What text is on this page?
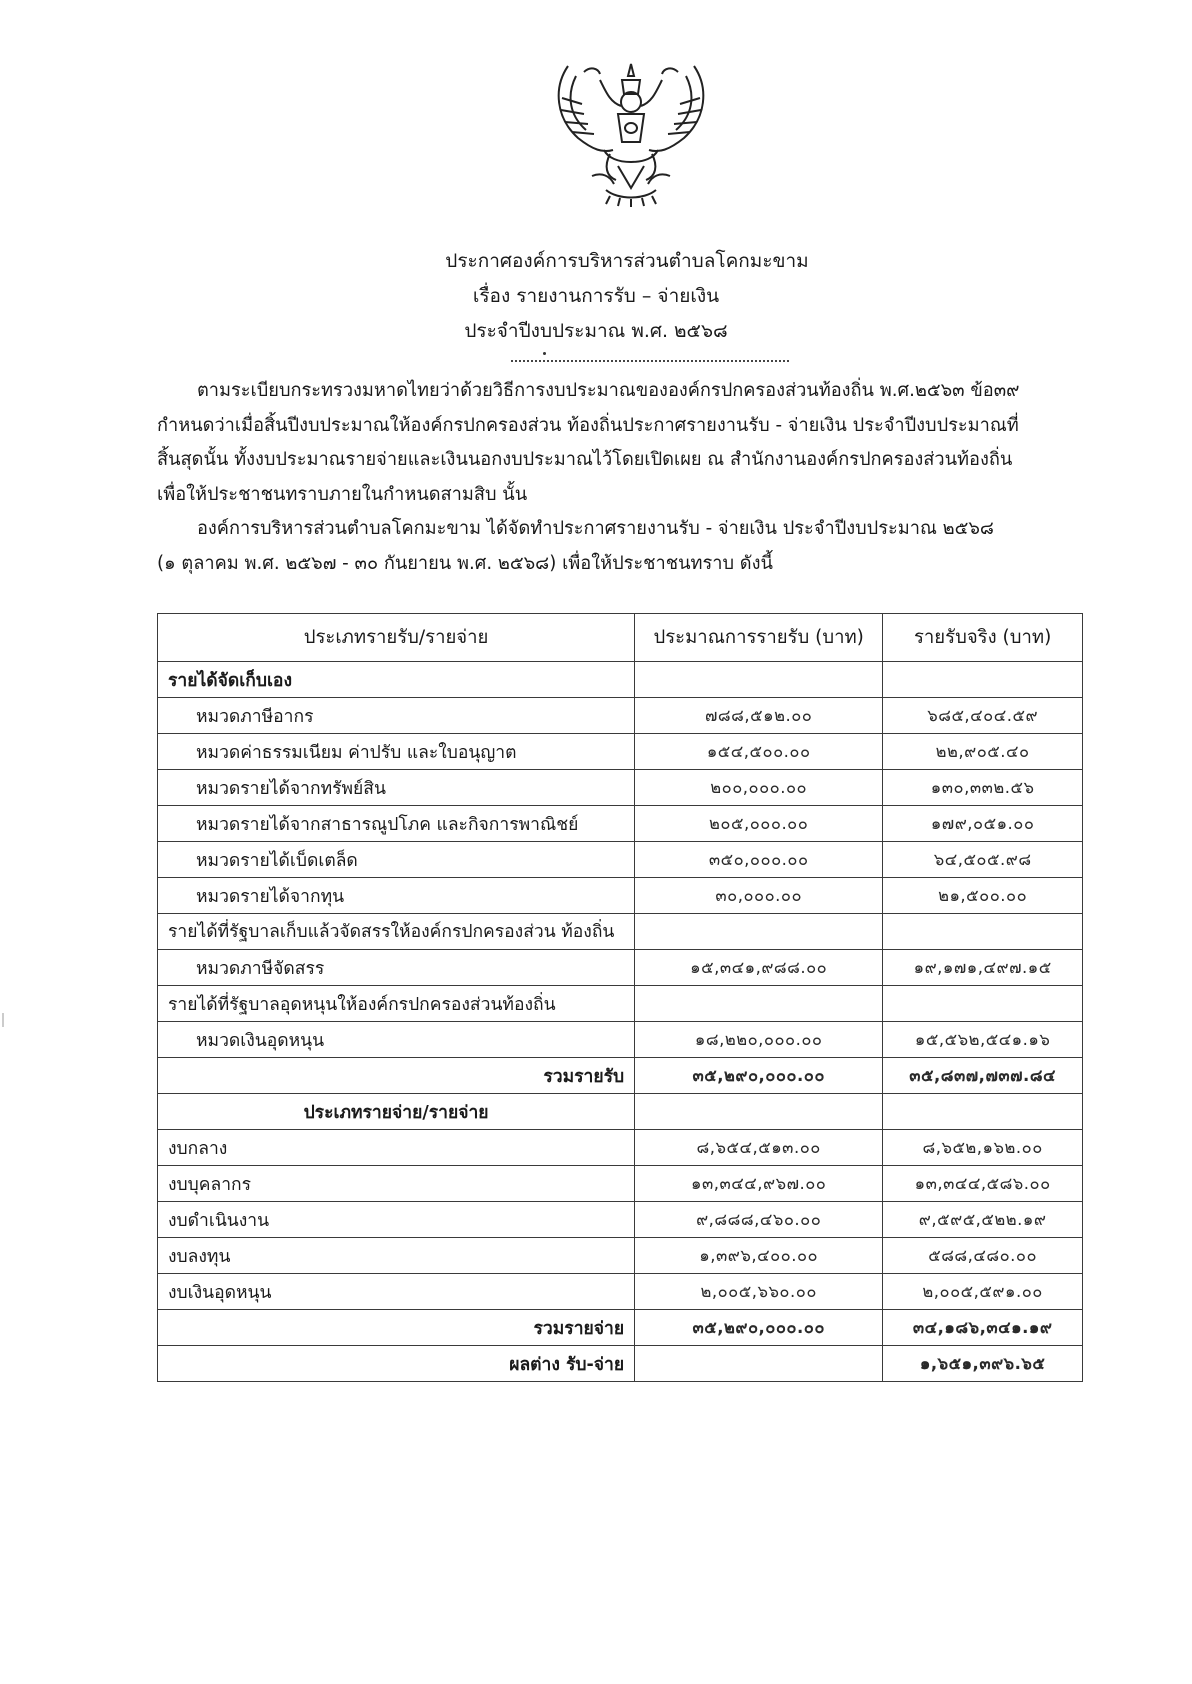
ประกาศองค์การบริหารส่วนตำบลโคกมะขาม
เรื่อง รายงานการรับ – จ่ายเงิน
ประจำปีงบประมาณ พ.ศ. ๒๕๖๘
ตามระเบียบกระทรวงมหาดไทยว่าด้วยวิธีการงบประมาณขององค์กรปกครองส่วนท้องถิ่น พ.ศ.๒๕๖๓ ข้อ๓๙
กำหนดว่าเมื่อสิ้นปีงบประมาณให้องค์กรปกครองส่วน ท้องถิ่นประกาศรายงานรับ - จ่ายเงิน ประจำปีงบประมาณที่
สิ้นสุดนั้น ทั้งงบประมาณรายจ่ายและเงินนอกงบประมาณไว้โดยเปิดเผย ณ สำนักงานองค์กรปกครองส่วนท้องถิ่น
เพื่อให้ประชาชนทราบภายในกำหนดสามสิบ นั้น
องค์การบริหารส่วนตำบลโคกมะขาม ได้จัดทำประกาศรายงานรับ - จ่ายเงิน ประจำปีงบประมาณ ๒๕๖๘
(๑ ตุลาคม พ.ศ. ๒๕๖๗ - ๓๐ กันยายน พ.ศ. ๒๕๖๘) เพื่อให้ประชาชนทราบ ดังนี้
ประเภทรายรับ/รายจ่าย	ประมาณการรายรับ (บาท)	รายรับจริง (บาท)
รายได้จัดเก็บเอง		
หมวดภาษีอากร	๗๘๘,๕๑๒.๐๐	๖๘๕,๔๐๔.๕๙
หมวดค่าธรรมเนียม ค่าปรับ และใบอนุญาต	๑๕๔,๕๐๐.๐๐	๒๒,๙๐๕.๔๐
หมวดรายได้จากทรัพย์สิน	๒๐๐,๐๐๐.๐๐	๑๓๐,๓๓๒.๕๖
หมวดรายได้จากสาธารณูปโภค และกิจการพาณิชย์	๒๐๕,๐๐๐.๐๐	๑๗๙,๐๕๑.๐๐
หมวดรายได้เบ็ดเตล็ด	๓๕๐,๐๐๐.๐๐	๖๔,๕๐๕.๙๘
หมวดรายได้จากทุน	๓๐,๐๐๐.๐๐	๒๑,๕๐๐.๐๐
รายได้ที่รัฐบาลเก็บแล้วจัดสรรให้องค์กรปกครองส่วน ท้องถิ่น		
หมวดภาษีจัดสรร	๑๕,๓๔๑,๙๘๘.๐๐	๑๙,๑๗๑,๔๙๗.๑๕
รายได้ที่รัฐบาลอุดหนุนให้องค์กรปกครองส่วนท้องถิ่น		
หมวดเงินอุดหนุน	๑๘,๒๒๐,๐๐๐.๐๐	๑๕,๕๖๒,๕๔๑.๑๖
รวมรายรับ	๓๕,๒๙๐,๐๐๐.๐๐	๓๕,๘๓๗,๗๓๗.๘๔
ประเภทรายจ่าย/รายจ่าย		
งบกลาง	๘,๖๕๔,๕๑๓.๐๐	๘,๖๕๒,๑๖๒.๐๐
งบบุคลากร	๑๓,๓๔๔,๙๖๗.๐๐	๑๓,๓๔๔,๕๘๖.๐๐
งบดำเนินงาน	๙,๘๘๘,๔๖๐.๐๐	๙,๕๙๕,๕๒๒.๑๙
งบลงทุน	๑,๓๙๖,๔๐๐.๐๐	๕๘๘,๔๘๐.๐๐
งบเงินอุดหนุน	๒,๐๐๕,๖๖๐.๐๐	๒,๐๐๕,๕๙๑.๐๐
รวมรายจ่าย	๓๕,๒๙๐,๐๐๐.๐๐	๓๔,๑๘๖,๓๔๑.๑๙
ผลต่าง รับ-จ่าย		๑,๖๕๑,๓๙๖.๖๕
